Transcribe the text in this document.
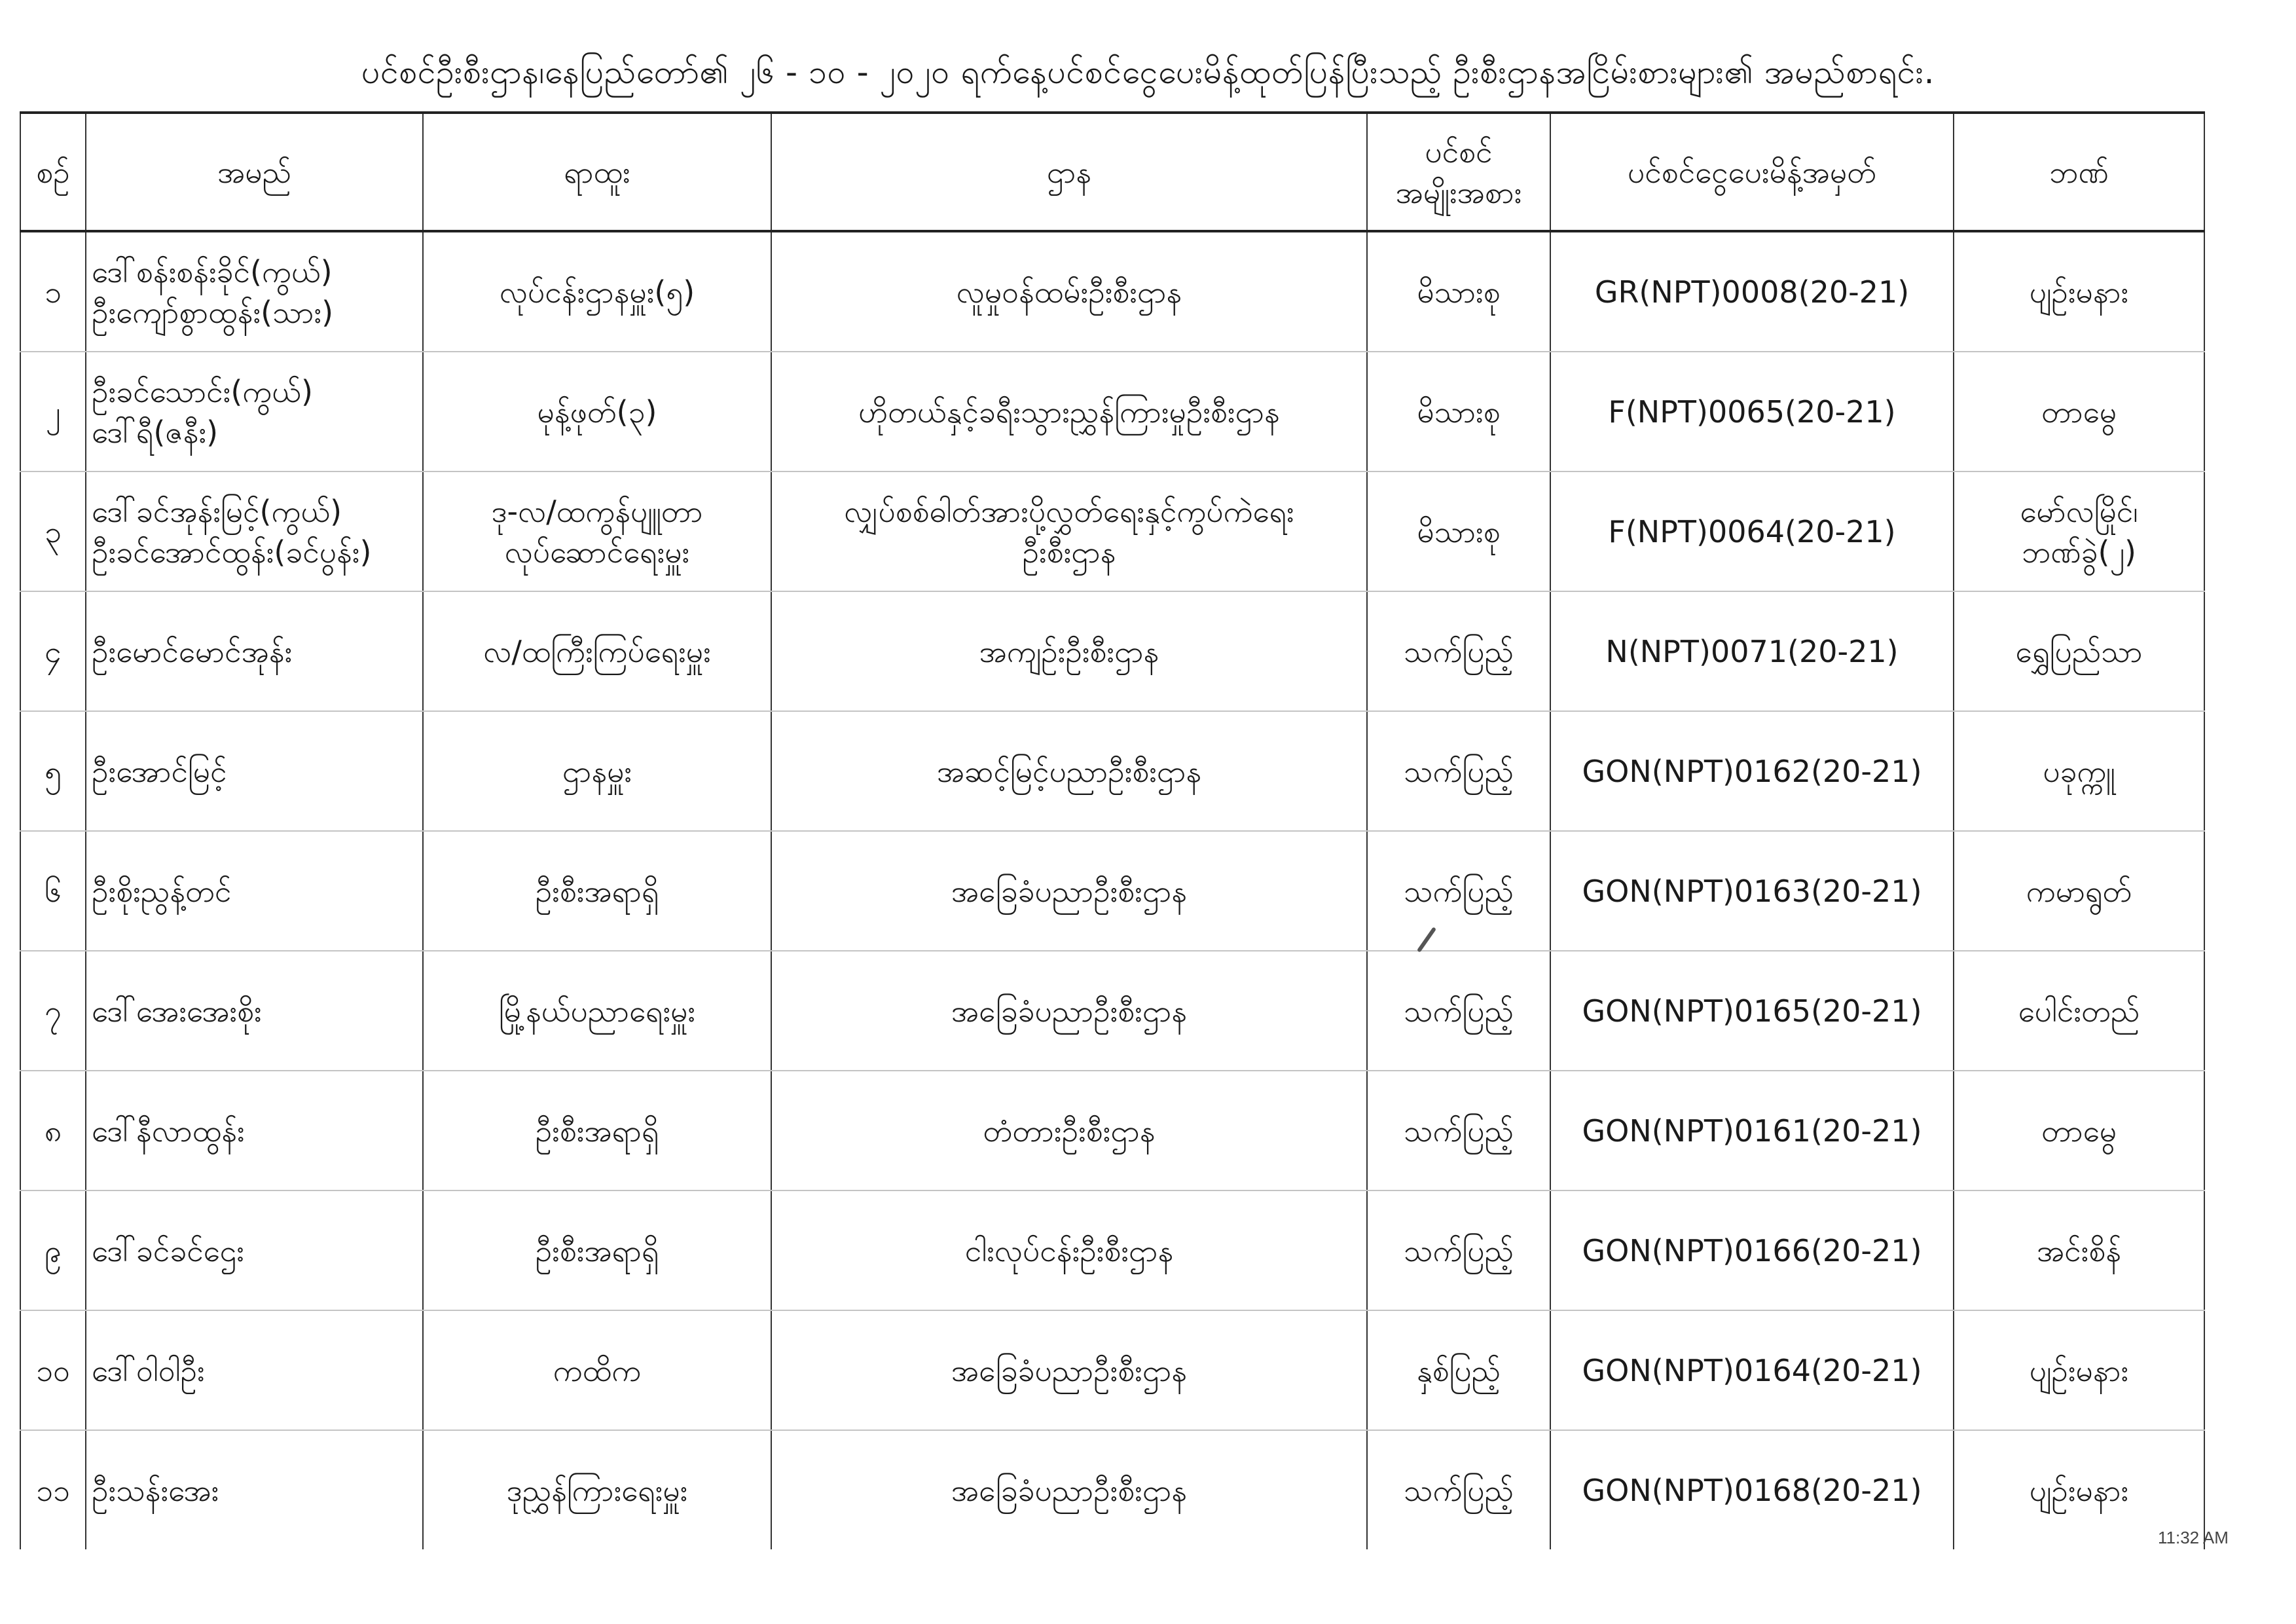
ပင်စင်ဦးစီးဌာန၊နေပြည်တော်၏ ၂၆ - ၁၀ - ၂၀၂၀ ရက်နေ့ပင်စင်ငွေပေးမိန့်ထုတ်ပြန်ပြီးသည့် ဦးစီးဌာနအငြိမ်းစားများ၏ အမည်စာရင်း.
စဉ်	အမည်	ရာထူး	ဌာန	ပင်စင်
အမျိုးအစား	ပင်စင်ငွေပေးမိန့်အမှတ်	ဘဏ်
၁	ဒေါ်စန်းစန်းခိုင်(ကွယ်)
ဦးကျော်စွာထွန်း(သား)	လုပ်ငန်းဌာနမှူး(၅)	လူမှုဝန်ထမ်းဦးစီးဌာန	မိသားစု	GR(NPT)0008(20-21)	ပျဉ်းမနား

၂	ဦးခင်သောင်း(ကွယ်)
ဒေါ်ရီ(ဇနီး)	မုန့်ဖုတ်(၃)	ဟိုတယ်နှင့်ခရီးသွားညွှန်ကြားမှုဦးစီးဌာန	မိသားစု	F(NPT)0065(20-21)	တာမွေ

၃	ဒေါ်ခင်အုန်းမြင့်(ကွယ်)
ဦးခင်အောင်ထွန်း(ခင်ပွန်း)	ဒု-လ/ထကွန်ပျူတာ
လုပ်ဆောင်ရေးမှူး	လျှပ်စစ်ဓါတ်အားပို့လွှတ်ရေးနှင့်ကွပ်ကဲရေး
ဦးစီးဌာန	မိသားစု	F(NPT)0064(20-21)	မော်လမြိုင်၊
ဘဏ်ခွဲ(၂)

၄	ဦးမောင်မောင်အုန်း	လ/ထကြီးကြပ်ရေးမှူး	အကျဉ်းဦးစီးဌာန	သက်ပြည့်	N(NPT)0071(20-21)	ရွှေပြည်သာ

၅	ဦးအောင်မြင့်	ဌာနမှူး	အဆင့်မြင့်ပညာဦးစီးဌာန	သက်ပြည့်	GON(NPT)0162(20-21)	ပခုက္ကူ

၆	ဦးစိုးညွန့်တင်	ဦးစီးအရာရှိ	အခြေခံပညာဦးစီးဌာန	သက်ပြည့်	GON(NPT)0163(20-21)	ကမာရွတ်

၇	ဒေါ်အေးအေးစိုး	မြို့နယ်ပညာရေးမှူး	အခြေခံပညာဦးစီးဌာန	သက်ပြည့်	GON(NPT)0165(20-21)	ပေါင်းတည်

၈	ဒေါ်နီလာထွန်း	ဦးစီးအရာရှိ	တံတားဦးစီးဌာန	သက်ပြည့်	GON(NPT)0161(20-21)	တာမွေ

၉	ဒေါ်ခင်ခင်ဌေး	ဦးစီးအရာရှိ	ငါးလုပ်ငန်းဦးစီးဌာန	သက်ပြည့်	GON(NPT)0166(20-21)	အင်းစိန်

၁၀	ဒေါ်ဝါဝါဦး	ကထိက	အခြေခံပညာဦးစီးဌာန	နှစ်ပြည့်	GON(NPT)0164(20-21)	ပျဉ်းမနား

၁၁	ဦးသန်းအေး	ဒုညွှန်ကြားရေးမှူး	အခြေခံပညာဦးစီးဌာန	သက်ပြည့်	GON(NPT)0168(20-21)	ပျဉ်းမနား
11:32 AM
